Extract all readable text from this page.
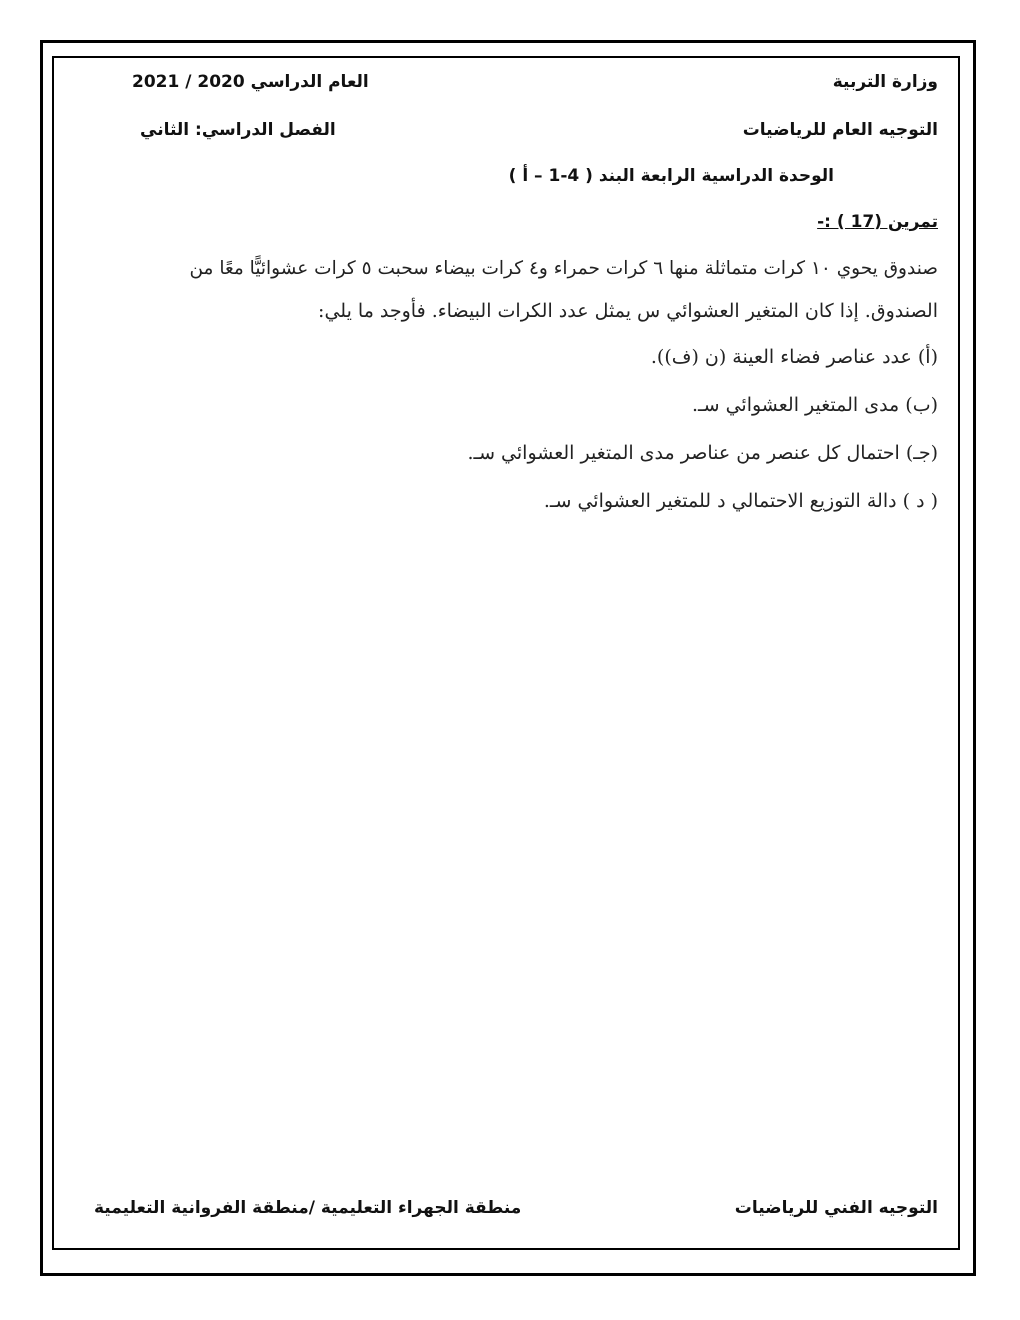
وزارة التربية
العام الدراسي 2020 / 2021
التوجيه العام للرياضيات
الفصل الدراسي: الثاني
الوحدة الدراسية الرابعة البند ( 4-1 – أ )
تمرين (17 ) :-
صندوق يحوي ١٠ كرات متماثلة منها ٦ كرات حمراء و٤ كرات بيضاء سحبت ٥ كرات عشوائيًّا معًا من
الصندوق. إذا كان المتغير العشوائي س يمثل عدد الكرات البيضاء. فأوجد ما يلي:
(أ) عدد عناصر فضاء العينة (ن (ف)).
(ب) مدى المتغير العشوائي سـ.
(جـ) احتمال كل عنصر من عناصر مدى المتغير العشوائي سـ.
( د ) دالة التوزيع الاحتمالي د للمتغير العشوائي سـ.
التوجيه الفني للرياضيات
منطقة الجهراء التعليمية /منطقة الفروانية التعليمية
